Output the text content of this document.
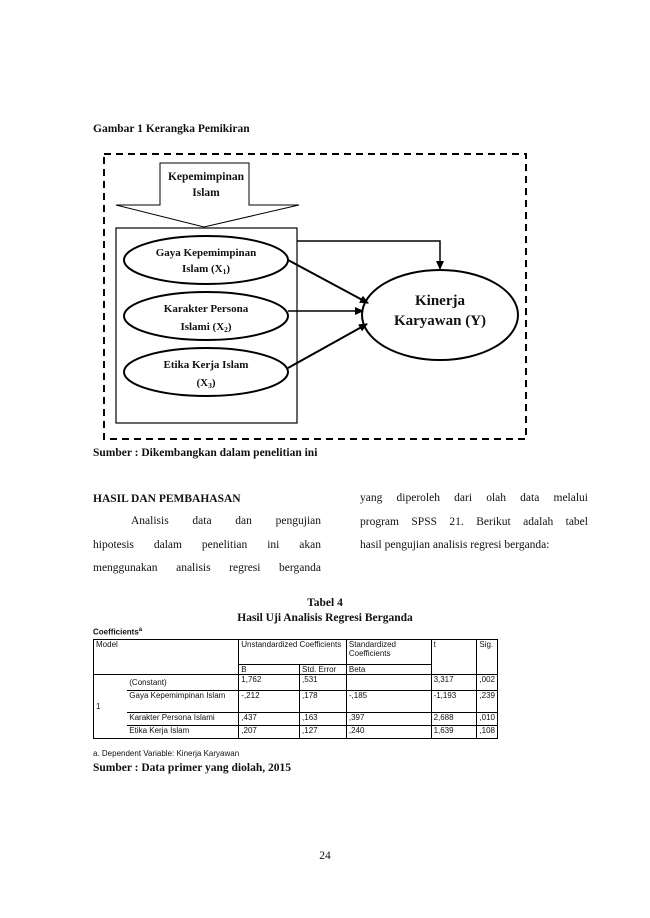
Gambar 1 Kerangka Pemikiran
Kepemimpinan
Islam
Gaya Kepemimpinan
Islam (X1)
Karakter Persona
Islami (X2)
Etika Kerja Islam
(X3)
Kinerja
Karyawan (Y)
Sumber : Dikembangkan dalam penelitian ini
HASIL DAN PEMBAHASAN
Analisis data dan pengujian
hipotesis dalam penelitian ini akan
menggunakan analisis regresi berganda
yang diperoleh dari olah data melalui
program SPSS 21. Berikut adalah tabel
hasil pengujian analisis regresi berganda:
Tabel 4
Hasil Uji Analisis Regresi Berganda
Coefficients$^a$
Model		Unstandardized Coefficients		Standardized Coefficients	t	Sig.
		B	Std. Error	Beta		
1	(Constant)	1,762	,531		3,317	,002
	Gaya Kepemimpinan Islam	-,212	,178	-,185	-1,193	,239
	Karakter Persona Islami	,437	,163	,397	2,688	,010
	Etika Kerja Islam	,207	,127	,240	1,639	,108
a. Dependent Variable: Kinerja Karyawan
Sumber : Data primer yang diolah, 2015
24
